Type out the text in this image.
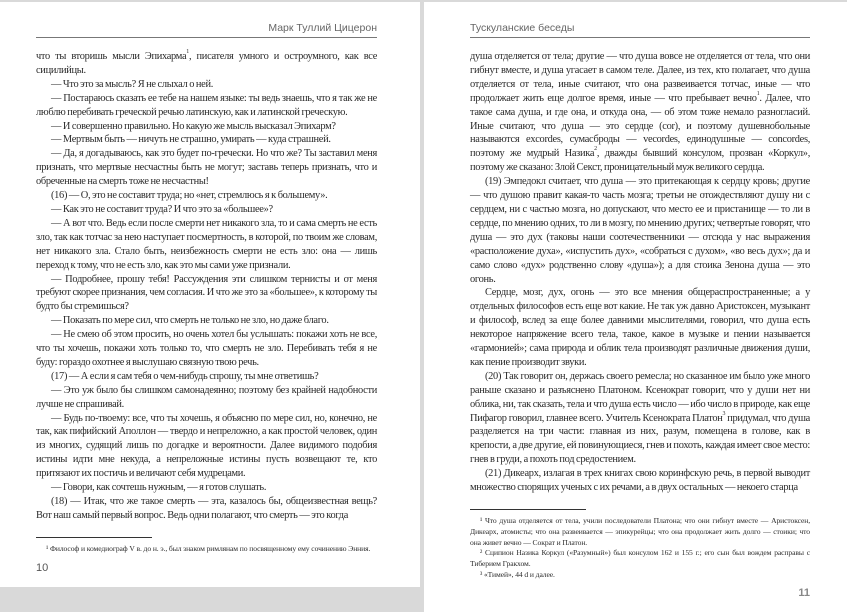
Марк Туллий Цицерон

что ты вторишь мысли Эпихарма$^1$, писателя умного и остроумного, как все сицилийцы.

— Что это за мысль? Я не слыхал о ней.

— Постараюсь сказать ее тебе на нашем языке: ты ведь знаешь, что я так же не люблю перебивать греческой речью латинскую, как и латинской греческую.

— И совершенно правильно. Но какую же мысль высказал Эпихарм?

— Мертвым быть — ничуть не страшно, умирать — куда страшней.

— Да, я догадываюсь, как это будет по-гречески. Но что же? Ты заставил меня признать, что мертвые несчастны быть не могут; заставь теперь признать, что и обреченные на смерть тоже не несчастны!

(16) — О, это не составит труда; но «нет, стремлюсь я к большему».

— Как это не составит труда? И что это за «большее»?

— А вот что. Ведь если после смерти нет никакого зла, то и сама смерть не есть зло, так как тотчас за нею наступает посмертность, в которой, по твоим же словам, нет никакого зла. Стало быть, неизбежность смерти не есть зло: она — лишь переход к тому, что не есть зло, как это мы сами уже признали.

— Подробнее, прошу тебя! Рассуждения эти слишком тернисты и от меня требуют скорее признания, чем согласия. И что же это за «большее», к которому ты будто бы стремишься?

— Показать по мере сил, что смерть не только не зло, но даже благо.

— Не смею об этом просить, но очень хотел бы услышать: покажи хоть не все, что ты хочешь, покажи хоть только то, что смерть не зло. Перебивать тебя я не буду: гораздо охотнее я выслушаю связную твою речь.

(17) — А если я сам тебя о чем-нибудь спрошу, ты мне ответишь?

— Это уж было бы слишком самонадеянно; поэтому без крайней надобности лучше не спрашивай.

— Будь по-твоему: все, что ты хочешь, я объясню по мере сил, но, конечно, не так, как пифийский Аполлон — твердо и непреложно, а как простой человек, один из многих, судящий лишь по догадке и вероятности. Далее видимого подобия истины идти мне некуда, а непреложные истины пусть возвещают те, кто притязают их постичь и величают себя мудрецами.

— Говори, как сочтешь нужным, — я готов слушать.

(18) — Итак, что же такое смерть — эта, казалось бы, общеизвестная вещь? Вот наш самый первый вопрос. Ведь одни полагают, что смерть — это когда

¹ Философ и комедиограф V в. до н. э., был знаком римлянам по посвященному ему сочинению Энния.

10
Тускуланские беседы

душа отделяется от тела; другие — что душа вовсе не отделяется от тела, что они гибнут вместе, и душа угасает в самом теле. Далее, из тех, кто полагает, что душа отделяется от тела, иные считают, что она развеивается тотчас, иные — что продолжает жить еще долгое время, иные — что пребывает вечно$^1$. Далее, что такое сама душа, и где она, и откуда она, — об этом тоже немало разногласий. Иные считают, что душа — это сердце (cor), и поэтому душевнобольные называются excordes, сумасброды — vecordes, единодушные — concordes, поэтому же мудрый Назика$^2$, дважды бывший консулом, прозван «Коркул», поэтому же сказано: Злой Секст, проницательный муж великого сердца.

(19) Эмпедокл считает, что душа — это притекающая к сердцу кровь; другие — что душою правит какая-то часть мозга; третьи не отождествляют душу ни с сердцем, ни с частью мозга, но допускают, что место ее и пристанище — то ли в сердце, по мнению одних, то ли в мозгу, по мнению других; четвертые говорят, что душа — это дух (таковы наши соотечественники — отсюда у нас выражения «расположение духа», «испустить дух», «собраться с духом», «во весь дух»; да и само слово «дух» родственно слову «душа»); а для стоика Зенона душа — это огонь.

Сердце, мозг, дух, огонь — это все мнения общераспространенные; а у отдельных философов есть еще вот какие. Не так уж давно Аристоксен, музыкант и философ, вслед за еще более давними мыслителями, говорил, что душа есть некоторое напряжение всего тела, такое, какое в музыке и пении называется «гармонией»; сама природа и облик тела производят различные движения души, как пение производит звуки.

(20) Так говорит он, держась своего ремесла; но сказанное им было уже много раньше сказано и разъяснено Платоном. Ксенократ говорит, что у души нет ни облика, ни, так сказать, тела и что душа есть число — ибо число в природе, как еще Пифагор говорил, главнее всего. Учитель Ксенократа Платон$^3$ придумал, что душа разделяется на три части: главная из них, разум, помещена в голове, как в крепости, а две другие, ей повинующиеся, гнев и похоть, каждая имеет свое место: гнев в груди, а похоть под средостением.

(21) Дикеарх, излагая в трех книгах свою коринфскую речь, в первой выводит множество спорящих ученых с их речами, а в двух остальных — некоего старца

¹ Что душа отделяется от тела, учили последователи Платона; что они гибнут вместе — Аристоксен, Дикеарх, атомисты; что она развеивается — эпикурейцы; что она продолжает жить долго — стоики; что она живет вечно — Сократ и Платон.

² Сципион Назика Коркул («Разумный») был консулом 162 и 155 г.; его сын был вождем расправы с Тиберием Гракхом.

³ «Тимей», 44 d и далее.

11
